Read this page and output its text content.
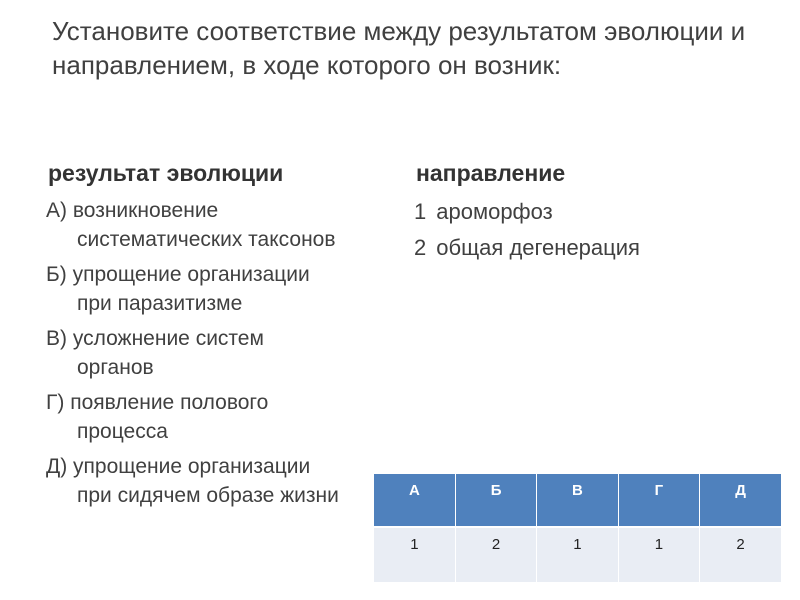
Установите соответствие между результатом эволюции и направлением, в ходе которого он возник:
результат эволюции	направление
А) возникновение
систематических таксонов
Б) упрощение организации
при паразитизме
В) усложнение систем
органов
Г) появление полового
процесса
Д) упрощение организации
при сидячем образе жизни
1 ароморфоз
2 общая дегенерация
А	Б	В	Г	Д
1	2	1	1	2
